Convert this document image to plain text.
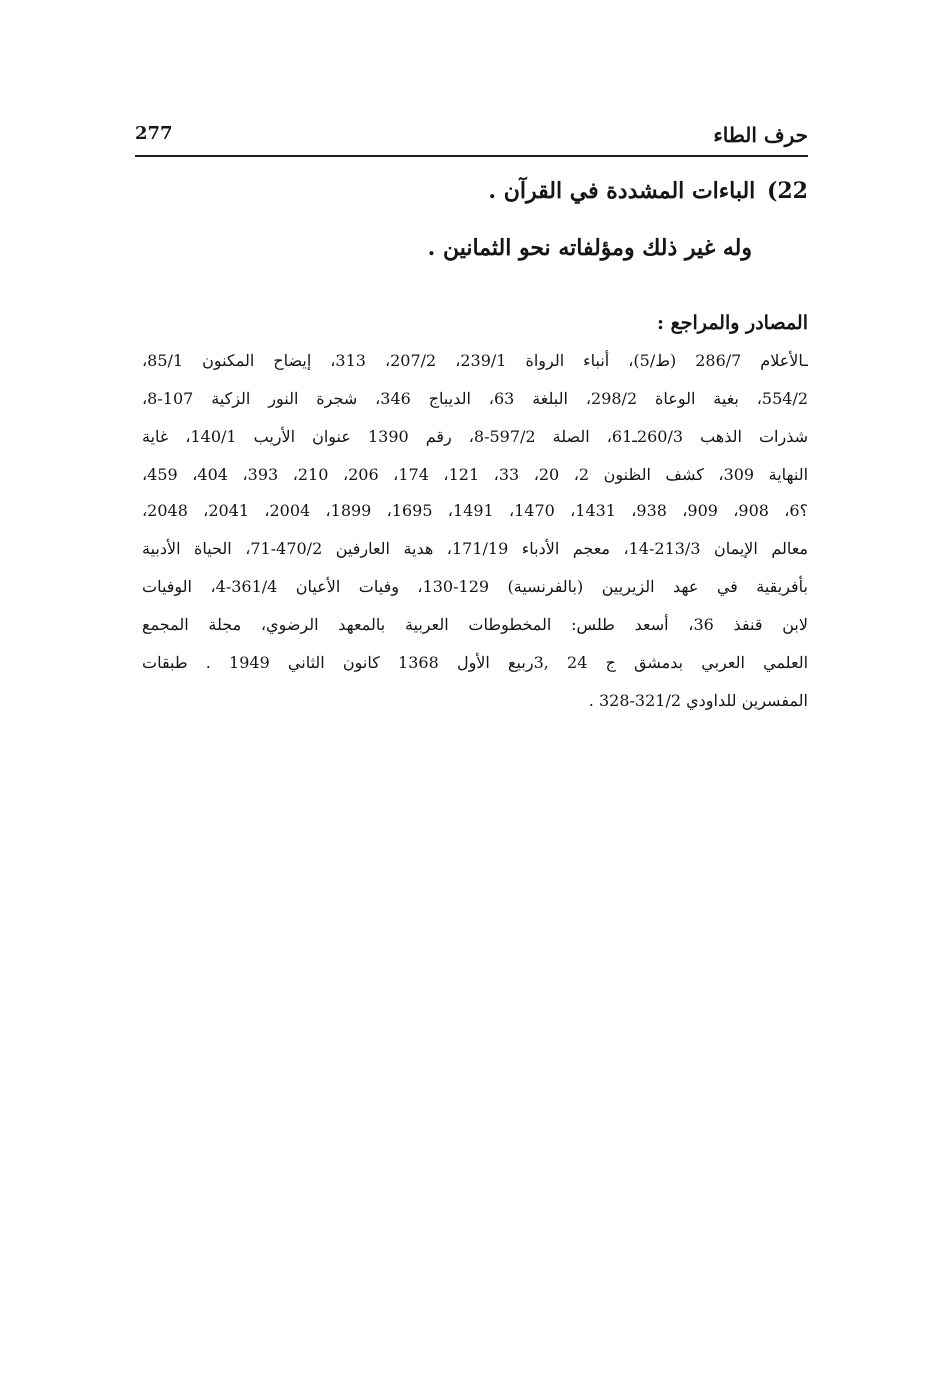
حرف الطاء
277
22) الباءات المشددة في القرآن .
وله غير ذلك ومؤلفاته نحو الثمانين .
المصادر والمراجع :
ـالأعلام 286/7 (ط/5)، أنباء الرواة 239/1، 207/2، 313، إيضاح المكنون 85/1،
554/2، بغية الوعاة 298/2، البلغة 63، الديباج 346، شجرة النور الزكية 107-8،
شذرات الذهب 260/3ـ61، الصلة 597/2-8، رقم 1390 عنوان الأريب 140/1، غاية
النهاية 309، كشف الظنون 2، 20، 33، 121، 174، 206، 210، 393، 404، 459،
؟6، 908، 909، 938، 1431، 1470، 1491، 1695، 1899، 2004، 2041، 2048،
معالم الإيمان 213/3-14، معجم الأدباء 171/19، هدية العارفين 470/2-71، الحياة الأدبية
بأفريقية في عهد الزيريين (بالفرنسية) 129-130، وفيات الأعيان 361/4-4، الوفيات
لابن قنفذ 36، أسعد طلس: المخطوطات العربية بالمعهد الرضوي، مجلة المجمع
العلمي العربي بدمشق ج 24 ,3ربيع الأول 1368 كانون الثاني 1949 . طبقات
المفسرين للداودي 321/2-328 .
